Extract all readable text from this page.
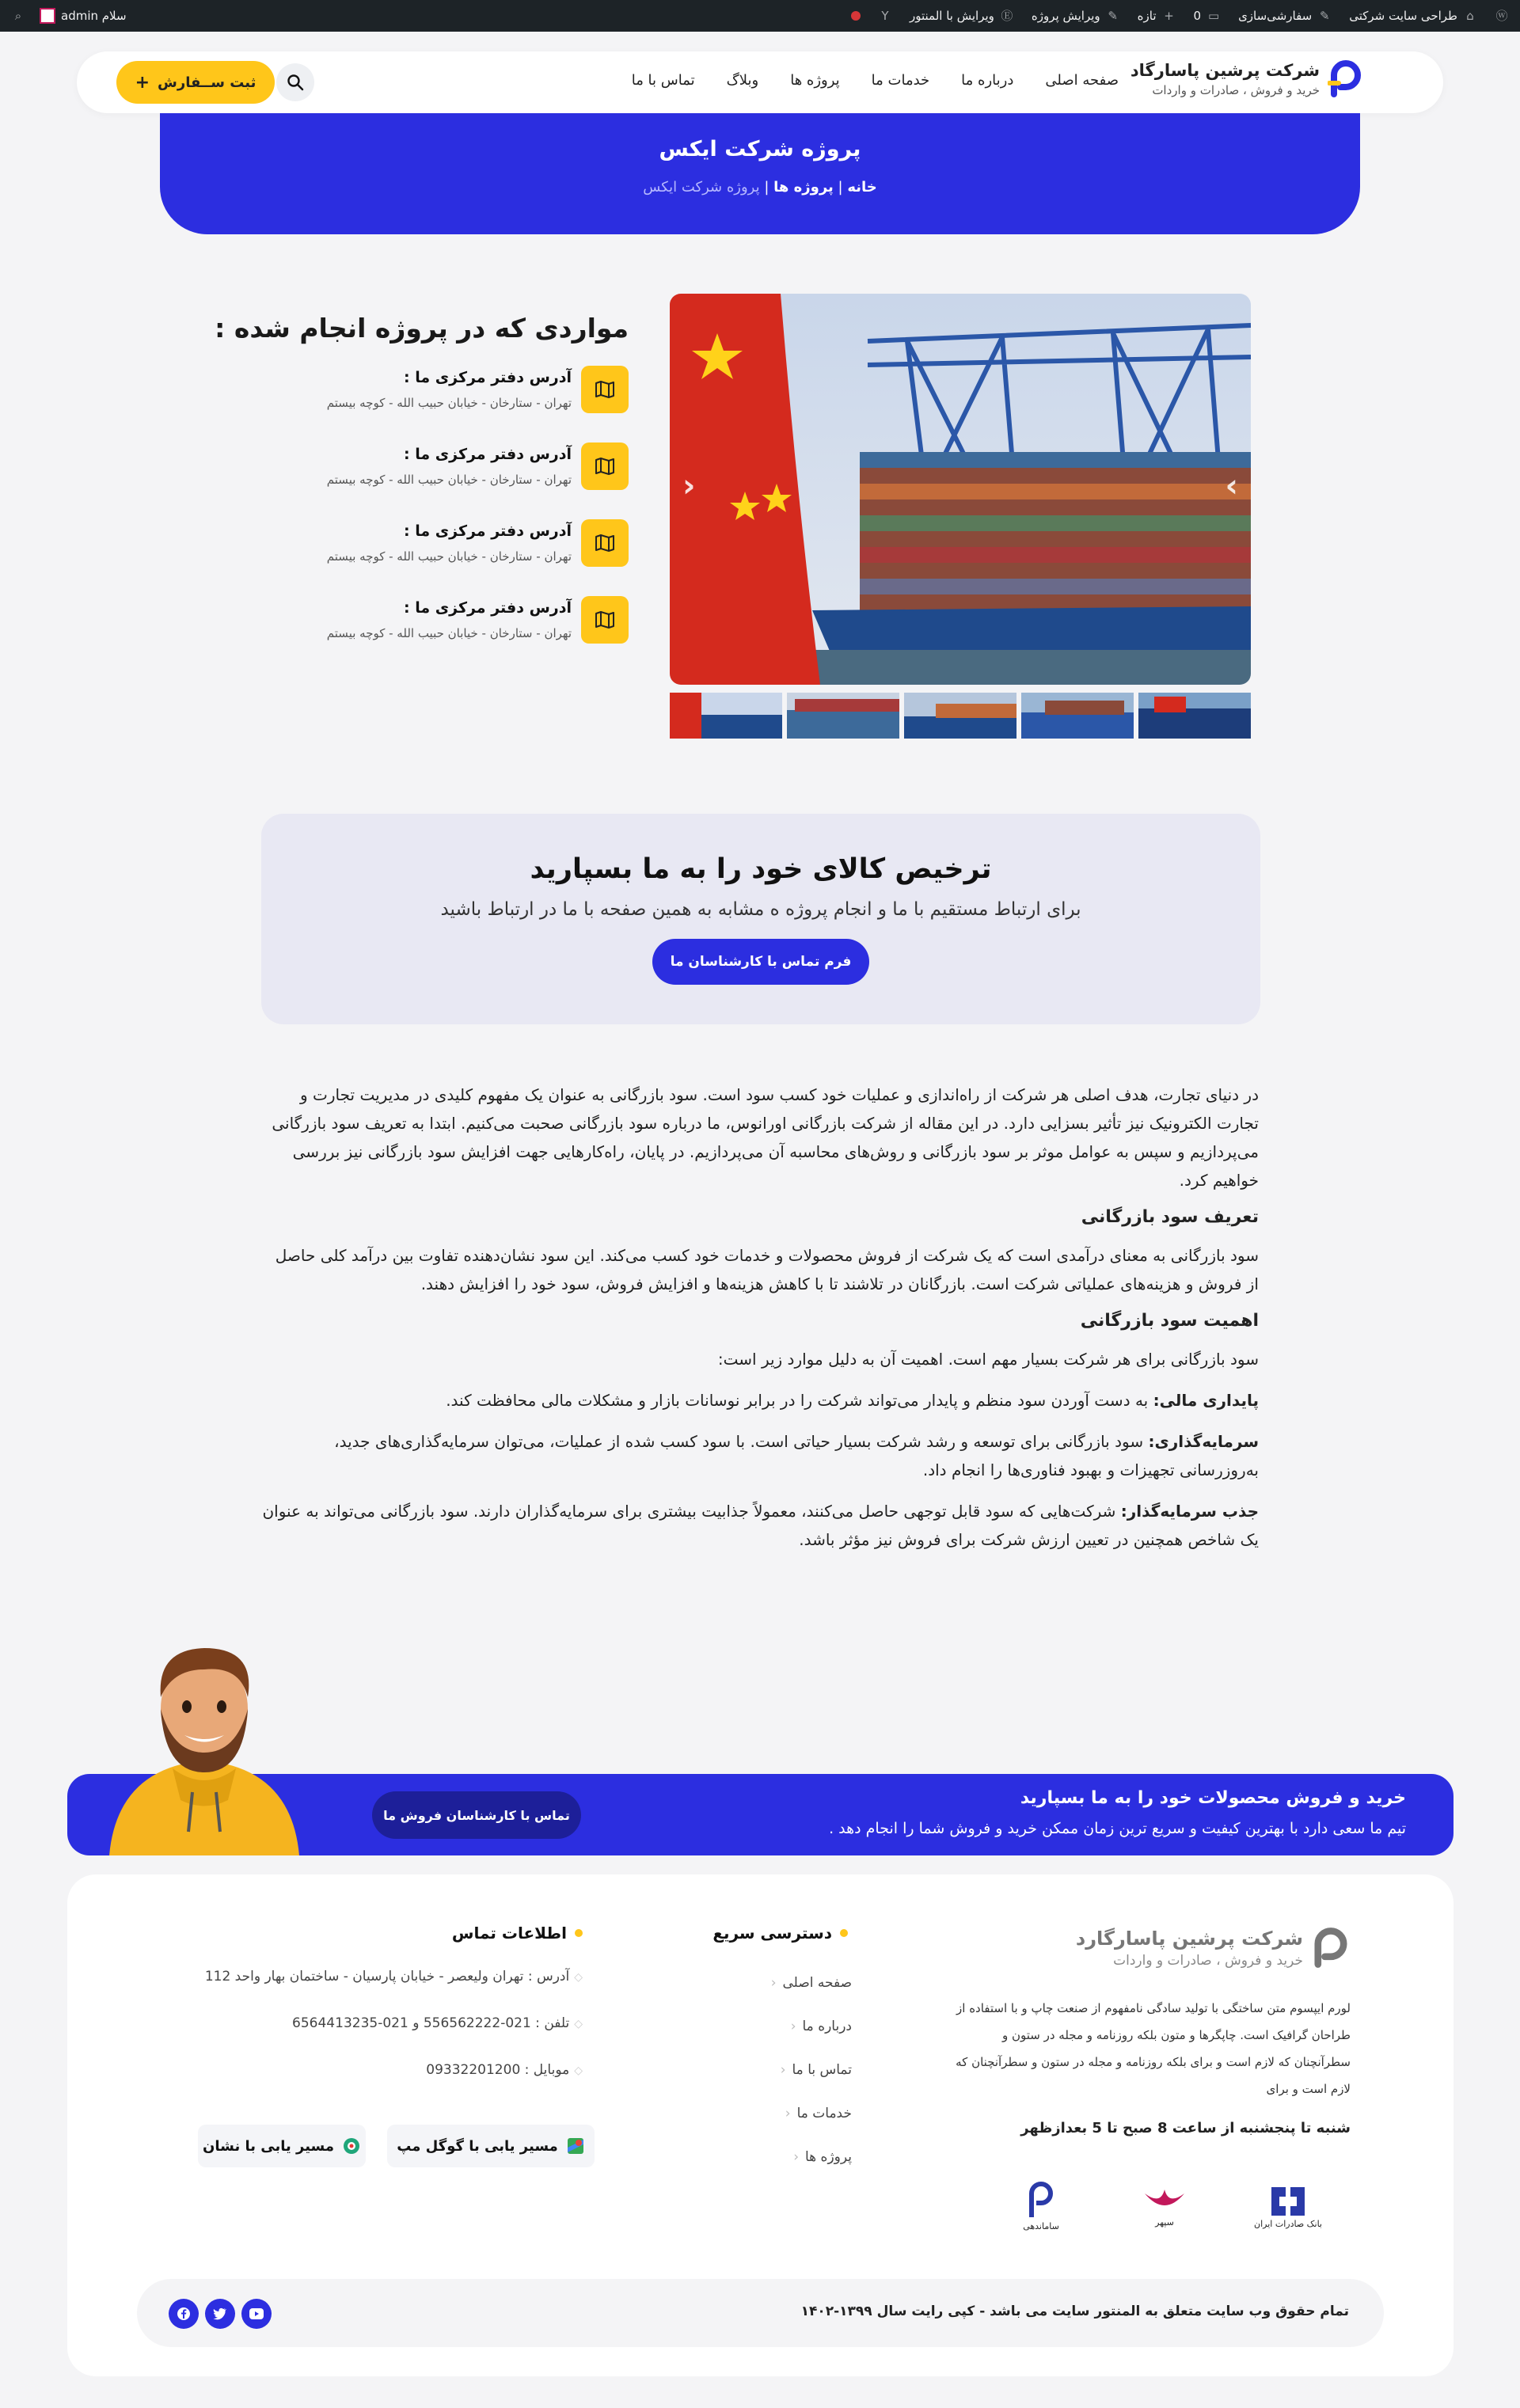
ⓦ
⌂
طراحی سایت شرکتی
✎
سفارشی‌سازی
▭
0
+
تازه
✎
ویرایش پروژه
Ⓔ
ویرایش با المنتور
Y
سلام admin
⌕
شرکت پرشین پاسارگاد
خرید و فروش ، صادرات و واردات
صفحه اصلی
درباره ما
خدمات ما
پروژه ها
وبلاگ
تماس با ما
ثبت ســفارش
+
پروژه شرکت ایکس
خانه | پروژه ها | پروژه شرکت ایکس
مواردی که در پروژه انجام شده :
آدرس دفتر مرکزی ما :
تهران - ستارخان - خیابان حبیب الله - کوچه بیستم
آدرس دفتر مرکزی ما :
تهران - ستارخان - خیابان حبیب الله - کوچه بیستم
آدرس دفتر مرکزی ما :
تهران - ستارخان - خیابان حبیب الله - کوچه بیستم
آدرس دفتر مرکزی ما :
تهران - ستارخان - خیابان حبیب الله - کوچه بیستم
‹	›
ترخیص کالای خود را به ما بسپارید
برای ارتباط مستقیم با ما و انجام پروژه ه مشابه به همین صفحه با ما در ارتباط باشید
فرم تماس با کارشناسان ما

در دنیای تجارت، هدف اصلی هر شرکت از راه‌اندازی و عملیات خود کسب سود است. سود بازرگانی به عنوان یک مفهوم کلیدی در مدیریت تجارت و تجارت الکترونیک نیز تأثیر بسزایی دارد. در این مقاله از شرکت بازرگانی اورانوس، ما درباره سود بازرگانی صحبت می‌کنیم. ابتدا به تعریف سود بازرگانی می‌پردازیم و سپس به عوامل موثر بر سود بازرگانی و روش‌های محاسبه آن می‌پردازیم. در پایان، راه‌کارهایی جهت افزایش سود بازرگانی نیز بررسی خواهیم کرد.

تعریف سود بازرگانی

سود بازرگانی به معنای درآمدی است که یک شرکت از فروش محصولات و خدمات خود کسب می‌کند. این سود نشان‌دهنده تفاوت بین درآمد کلی حاصل از فروش و هزینه‌های عملیاتی شرکت است. بازرگانان در تلاشند تا با کاهش هزینه‌ها و افزایش فروش، سود خود را افزایش دهند.

اهمیت سود بازرگانی

سود بازرگانی برای هر شرکت بسیار مهم است. اهمیت آن به دلیل موارد زیر است:

پایداری مالی: به دست آوردن سود منظم و پایدار می‌تواند شرکت را در برابر نوسانات بازار و مشکلات مالی محافظت کند.

سرمایه‌گذاری: سود بازرگانی برای توسعه و رشد شرکت بسیار حیاتی است. با سود کسب شده از عملیات، می‌توان سرمایه‌گذاری‌های جدید، به‌روزرسانی تجهیزات و بهبود فناوری‌ها را انجام داد.

جذب سرمایه‌گذار: شرکت‌هایی که سود قابل توجهی حاصل می‌کنند، معمولاً جذابیت بیشتری برای سرمایه‌گذاران دارند. سود بازرگانی می‌تواند به عنوان یک شاخص همچنین در تعیین ارزش شرکت برای فروش نیز مؤثر باشد.

خرید و فروش محصولات خود را به ما بسپارید
تیم ما سعی دارد با بهترین کیفیت و سریع ترین زمان ممکن خرید و فروش شما را انجام دهد .
تماس با کارشناسان فروش ما
شرکت پرشین پاسارگارد
خرید و فروش ، صادرات و واردات
لورم ایپسوم متن ساختگی با تولید سادگی نامفهوم از صنعت چاپ و با استفاده از طراحان گرافیک است. چاپگرها و متون بلکه روزنامه و مجله در ستون و سطرآنچنان که لازم است و برای بلکه روزنامه و مجله در ستون و سطرآنچنان که لازم است و برای
شنبه تا پنجشنبه از ساعت 8 صبح تا 5 بعدازظهر
بانک صادرات ایران
سپهر
ساماندهی
دسترسی سریع
صفحه اصلی ‹
درباره ما ‹
تماس با ما ‹
خدمات ما ‹
پروژه ها ‹
اطلاعات تماس
◇آدرس : تهران ولیعصر - خیابان پارسیان - ساختمان بهار واحد 112
◇تلفن : 021-556562222 و 021-6564413235
◇موبایل : 09332201200
مسیر یابی با گوگل مپ
مسیر یابی با نشان
تمام حقوق وب سایت متعلق به المنتور سایت می باشد - کپی رایت سال ۱۳۹۹-۱۴۰۲
